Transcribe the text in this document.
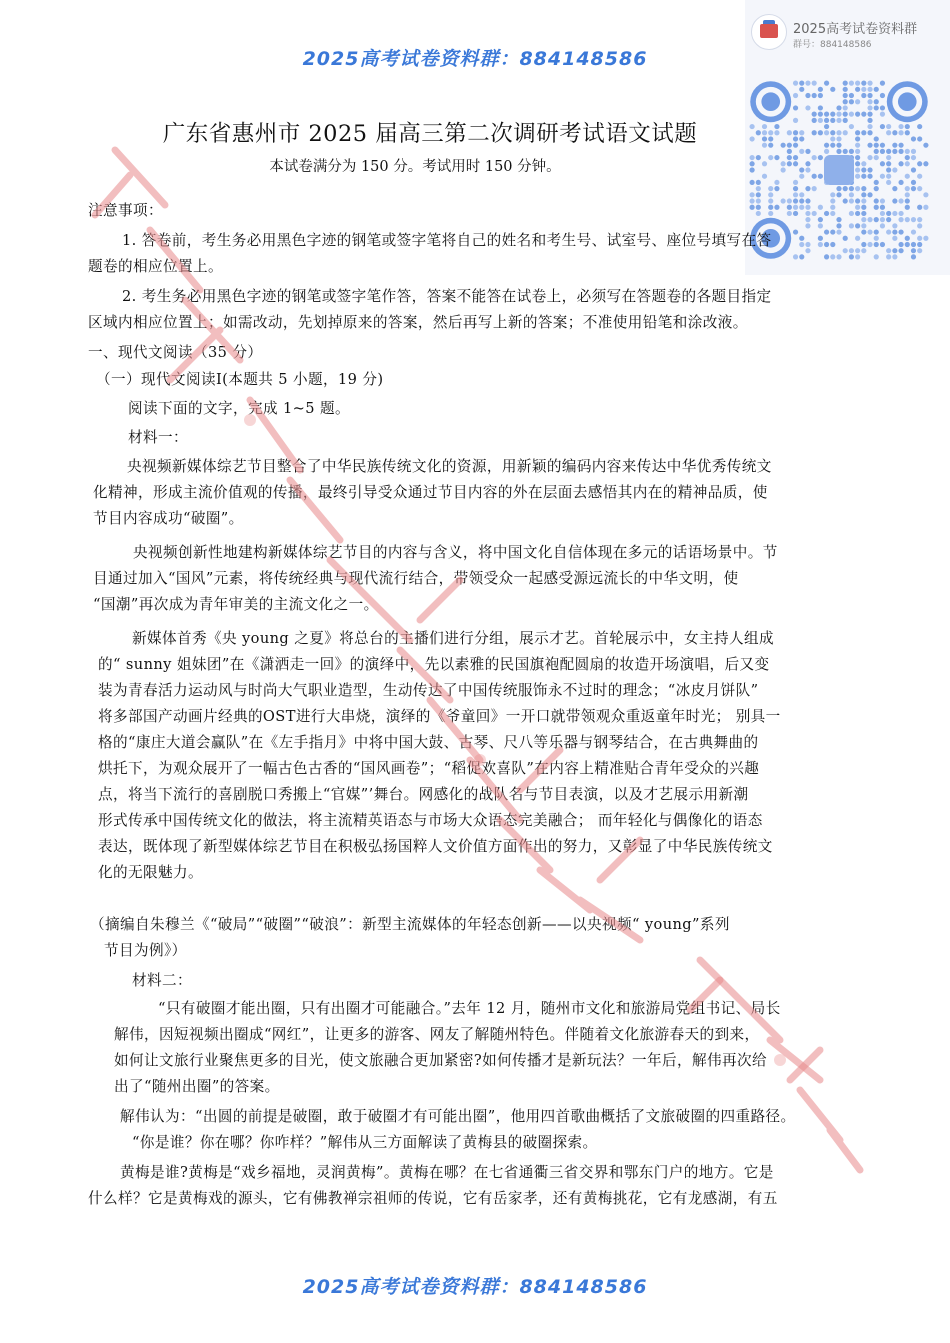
2025高考试卷资料群：884148586
2025高考试卷资料群
群号：884148586
广东省惠州市 2025 届高三第二次调研考试语文试题
本试卷满分为 150 分。考试用时 150 分钟。
注意事项：
1. 答卷前，考生务必用黑色字迹的钢笔或签字笔将自己的姓名和考生号、试室号、座位号填写在答
题卷的相应位置上。
2. 考生务必用黑色字迹的钢笔或签字笔作答，答案不能答在试卷上，必须写在答题卷的各题目指定
区域内相应位置上；如需改动，先划掉原来的答案，然后再写上新的答案；不准使用铅笔和涂改液。
一、现代文阅读（35 分）
（一）现代文阅读Ⅰ(本题共 5 小题，19 分)
阅读下面的文字，完成 1~5 题。
材料一：
央视频新媒体综艺节目整合了中华民族传统文化的资源，用新颖的编码内容来传达中华优秀传统文
化精神，形成主流价值观的传播，最终引导受众通过节目内容的外在层面去感悟其内在的精神品质，使
节目内容成功“破圈”。
央视频创新性地建构新媒体综艺节目的内容与含义，将中国文化自信体现在多元的话语场景中。节
目通过加入“国风”元素，将传统经典与现代流行结合，带领受众一起感受源远流长的中华文明，使
“国潮”再次成为青年审美的主流文化之一。
新媒体首秀《央 young 之夏》将总台的主播们进行分组，展示才艺。首轮展示中，女主持人组成
的“ sunny 姐妹团”在《潇洒走一回》的演绎中，先以素雅的民国旗袍配圆扇的妆造开场演唱，后又变
装为青春活力运动风与时尚大气职业造型，生动传达了中国传统服饰永不过时的理念；“冰皮月饼队”
将多部国产动画片经典的OST进行大串烧，演绎的《爷童回》一开口就带领观众重返童年时光； 别具一
格的“康庄大道会赢队”在《左手指月》中将中国大鼓、古琴、尺八等乐器与钢琴结合，在古典舞曲的
烘托下，为观众展开了一幅古色古香的“国风画卷”；“稻促欢喜队”在内容上精准贴合青年受众的兴趣
点，将当下流行的喜剧脱口秀搬上“官媒”’舞台。网感化的战队名与节目表演，以及才艺展示用新潮
形式传承中国传统文化的做法，将主流精英语态与市场大众语态完美融合； 而年轻化与偶像化的语态
表达，既体现了新型媒体综艺节目在积极弘扬国粹人文价值方面作出的努力，又彰显了中华民族传统文
化的无限魅力。
（摘编自朱穆兰《“破局”“破圈”“破浪”：新型主流媒体的年轻态创新——以央视频“ young”系列
节目为例》）
材料二：
“只有破圈才能出圈，只有出圈才可能融合。”去年 12 月，随州市文化和旅游局党组书记、局长
解伟，因短视频出圈成“网红”，让更多的游客、网友了解随州特色。伴随着文化旅游春天的到来，
如何让文旅行业聚焦更多的目光，使文旅融合更加紧密?如何传播才是新玩法？一年后，解伟再次给
出了“随州出圈”的答案。
解伟认为：“出圆的前提是破圈，敢于破圈才有可能出圈”，他用四首歌曲概括了文旅破圈的四重路径。
“你是谁？你在哪？你咋样？”解伟从三方面解读了黄梅县的破圈探索。
黄梅是谁?黄梅是“戏乡福地，灵润黄梅”。黄梅在哪？在七省通衢三省交界和鄂东门户的地方。它是
什么样？它是黄梅戏的源头，它有佛教禅宗祖师的传说，它有岳家孝，还有黄梅挑花，它有龙感湖，有五
2025高考试卷资料群：884148586
